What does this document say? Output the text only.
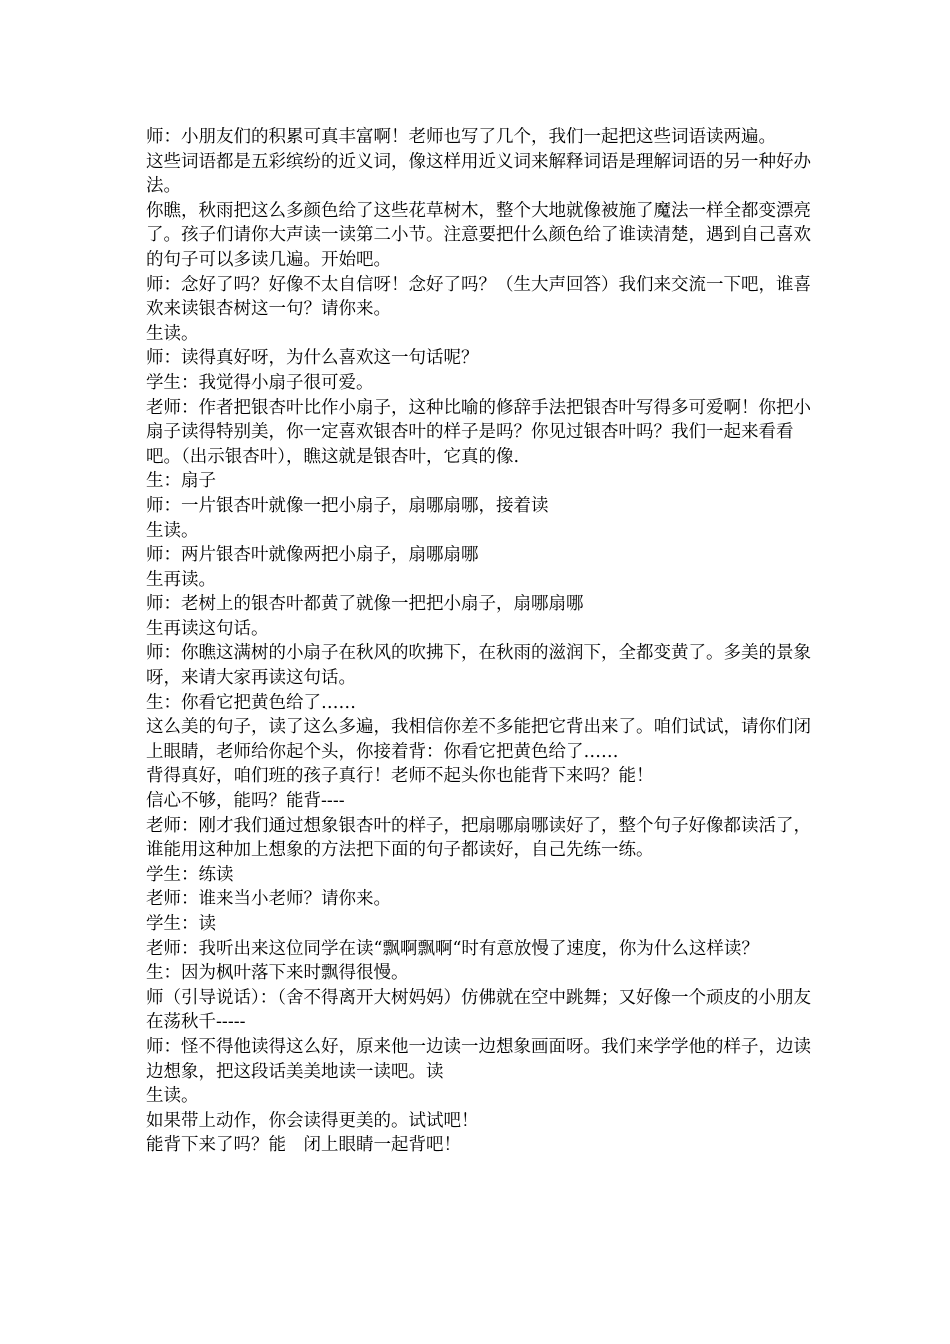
师：小朋友们的积累可真丰富啊！老师也写了几个，我们一起把这些词语读两遍。

这些词语都是五彩缤纷的近义词，像这样用近义词来解释词语是理解词语的另一种好办法。

你瞧，秋雨把这么多颜色给了这些花草树木，整个大地就像被施了魔法一样全都变漂亮了。孩子们请你大声读一读第二小节。注意要把什么颜色给了谁读清楚，遇到自己喜欢的句子可以多读几遍。开始吧。

师：念好了吗？好像不太自信呀！念好了吗？（生大声回答）我们来交流一下吧，谁喜欢来读银杏树这一句？请你来。

生读。

师：读得真好呀，为什么喜欢这一句话呢？

学生：我觉得小扇子很可爱。

老师：作者把银杏叶比作小扇子，这种比喻的修辞手法把银杏叶写得多可爱啊！你把小扇子读得特别美，你一定喜欢银杏叶的样子是吗？你见过银杏叶吗？我们一起来看看吧。（出示银杏叶），瞧这就是银杏叶，它真的像.

生：扇子

师：一片银杏叶就像一把小扇子，扇哪扇哪，接着读

生读。

师：两片银杏叶就像两把小扇子，扇哪扇哪

生再读。

师：老树上的银杏叶都黄了就像一把把小扇子，扇哪扇哪

生再读这句话。

师：你瞧这满树的小扇子在秋风的吹拂下，在秋雨的滋润下，全都变黄了。多美的景象呀，来请大家再读这句话。

生：你看它把黄色给了……

这么美的句子，读了这么多遍，我相信你差不多能把它背出来了。咱们试试，请你们闭上眼睛，老师给你起个头，你接着背：你看它把黄色给了……

背得真好，咱们班的孩子真行！老师不起头你也能背下来吗？能！

信心不够，能吗？能背----

老师：刚才我们通过想象银杏叶的样子，把扇哪扇哪读好了，整个句子好像都读活了，谁能用这种加上想象的方法把下面的句子都读好，自己先练一练。

学生：练读

老师：谁来当小老师？请你来。

学生：读

老师：我听出来这位同学在读“飘啊飘啊“时有意放慢了速度，你为什么这样读？

生：因为枫叶落下来时飘得很慢。

师（引导说话）：（舍不得离开大树妈妈）仿佛就在空中跳舞；又好像一个顽皮的小朋友在荡秋千-----

师：怪不得他读得这么好，原来他一边读一边想象画面呀。我们来学学他的样子，边读边想象，把这段话美美地读一读吧。读

生读。

如果带上动作，你会读得更美的。试试吧！

能背下来了吗？能　闭上眼睛一起背吧！
